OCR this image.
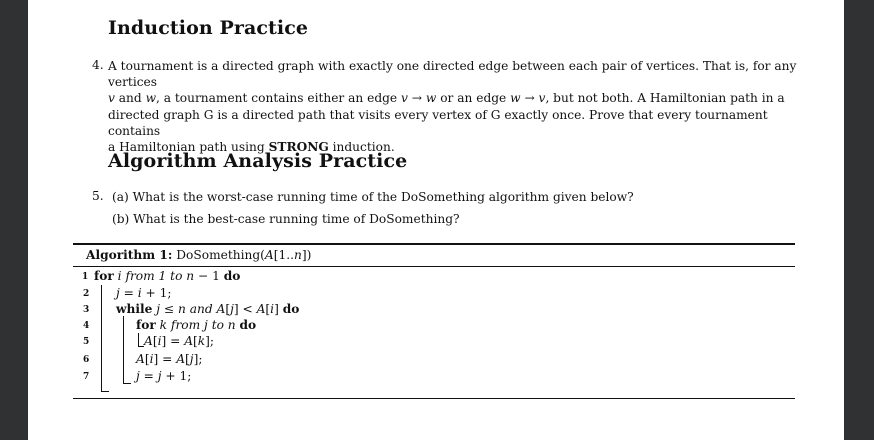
Induction Practice
4. A tournament is a directed graph with exactly one directed edge between each pair of vertices. That is, for any vertices
v and w, a tournament contains either an edge v → w or an edge w → v, but not both. A Hamiltonian path in a
directed graph G is a directed path that visits every vertex of G exactly once. Prove that every tournament contains
a Hamiltonian path using STRONG induction.
Algorithm Analysis Practice
5. (a) What is the worst-case running time of the DoSomething algorithm given below?
(b) What is the best-case running time of DoSomething?
Algorithm 1: DoSomething(A[1..n])
1
2
3
4
5
6
7
for i from 1 to n − 1 do
j = i + 1;
while j ≤ n and A[j] < A[i] do
for k from j to n do
A[i] = A[k];
A[i] = A[j];
j = j + 1;
